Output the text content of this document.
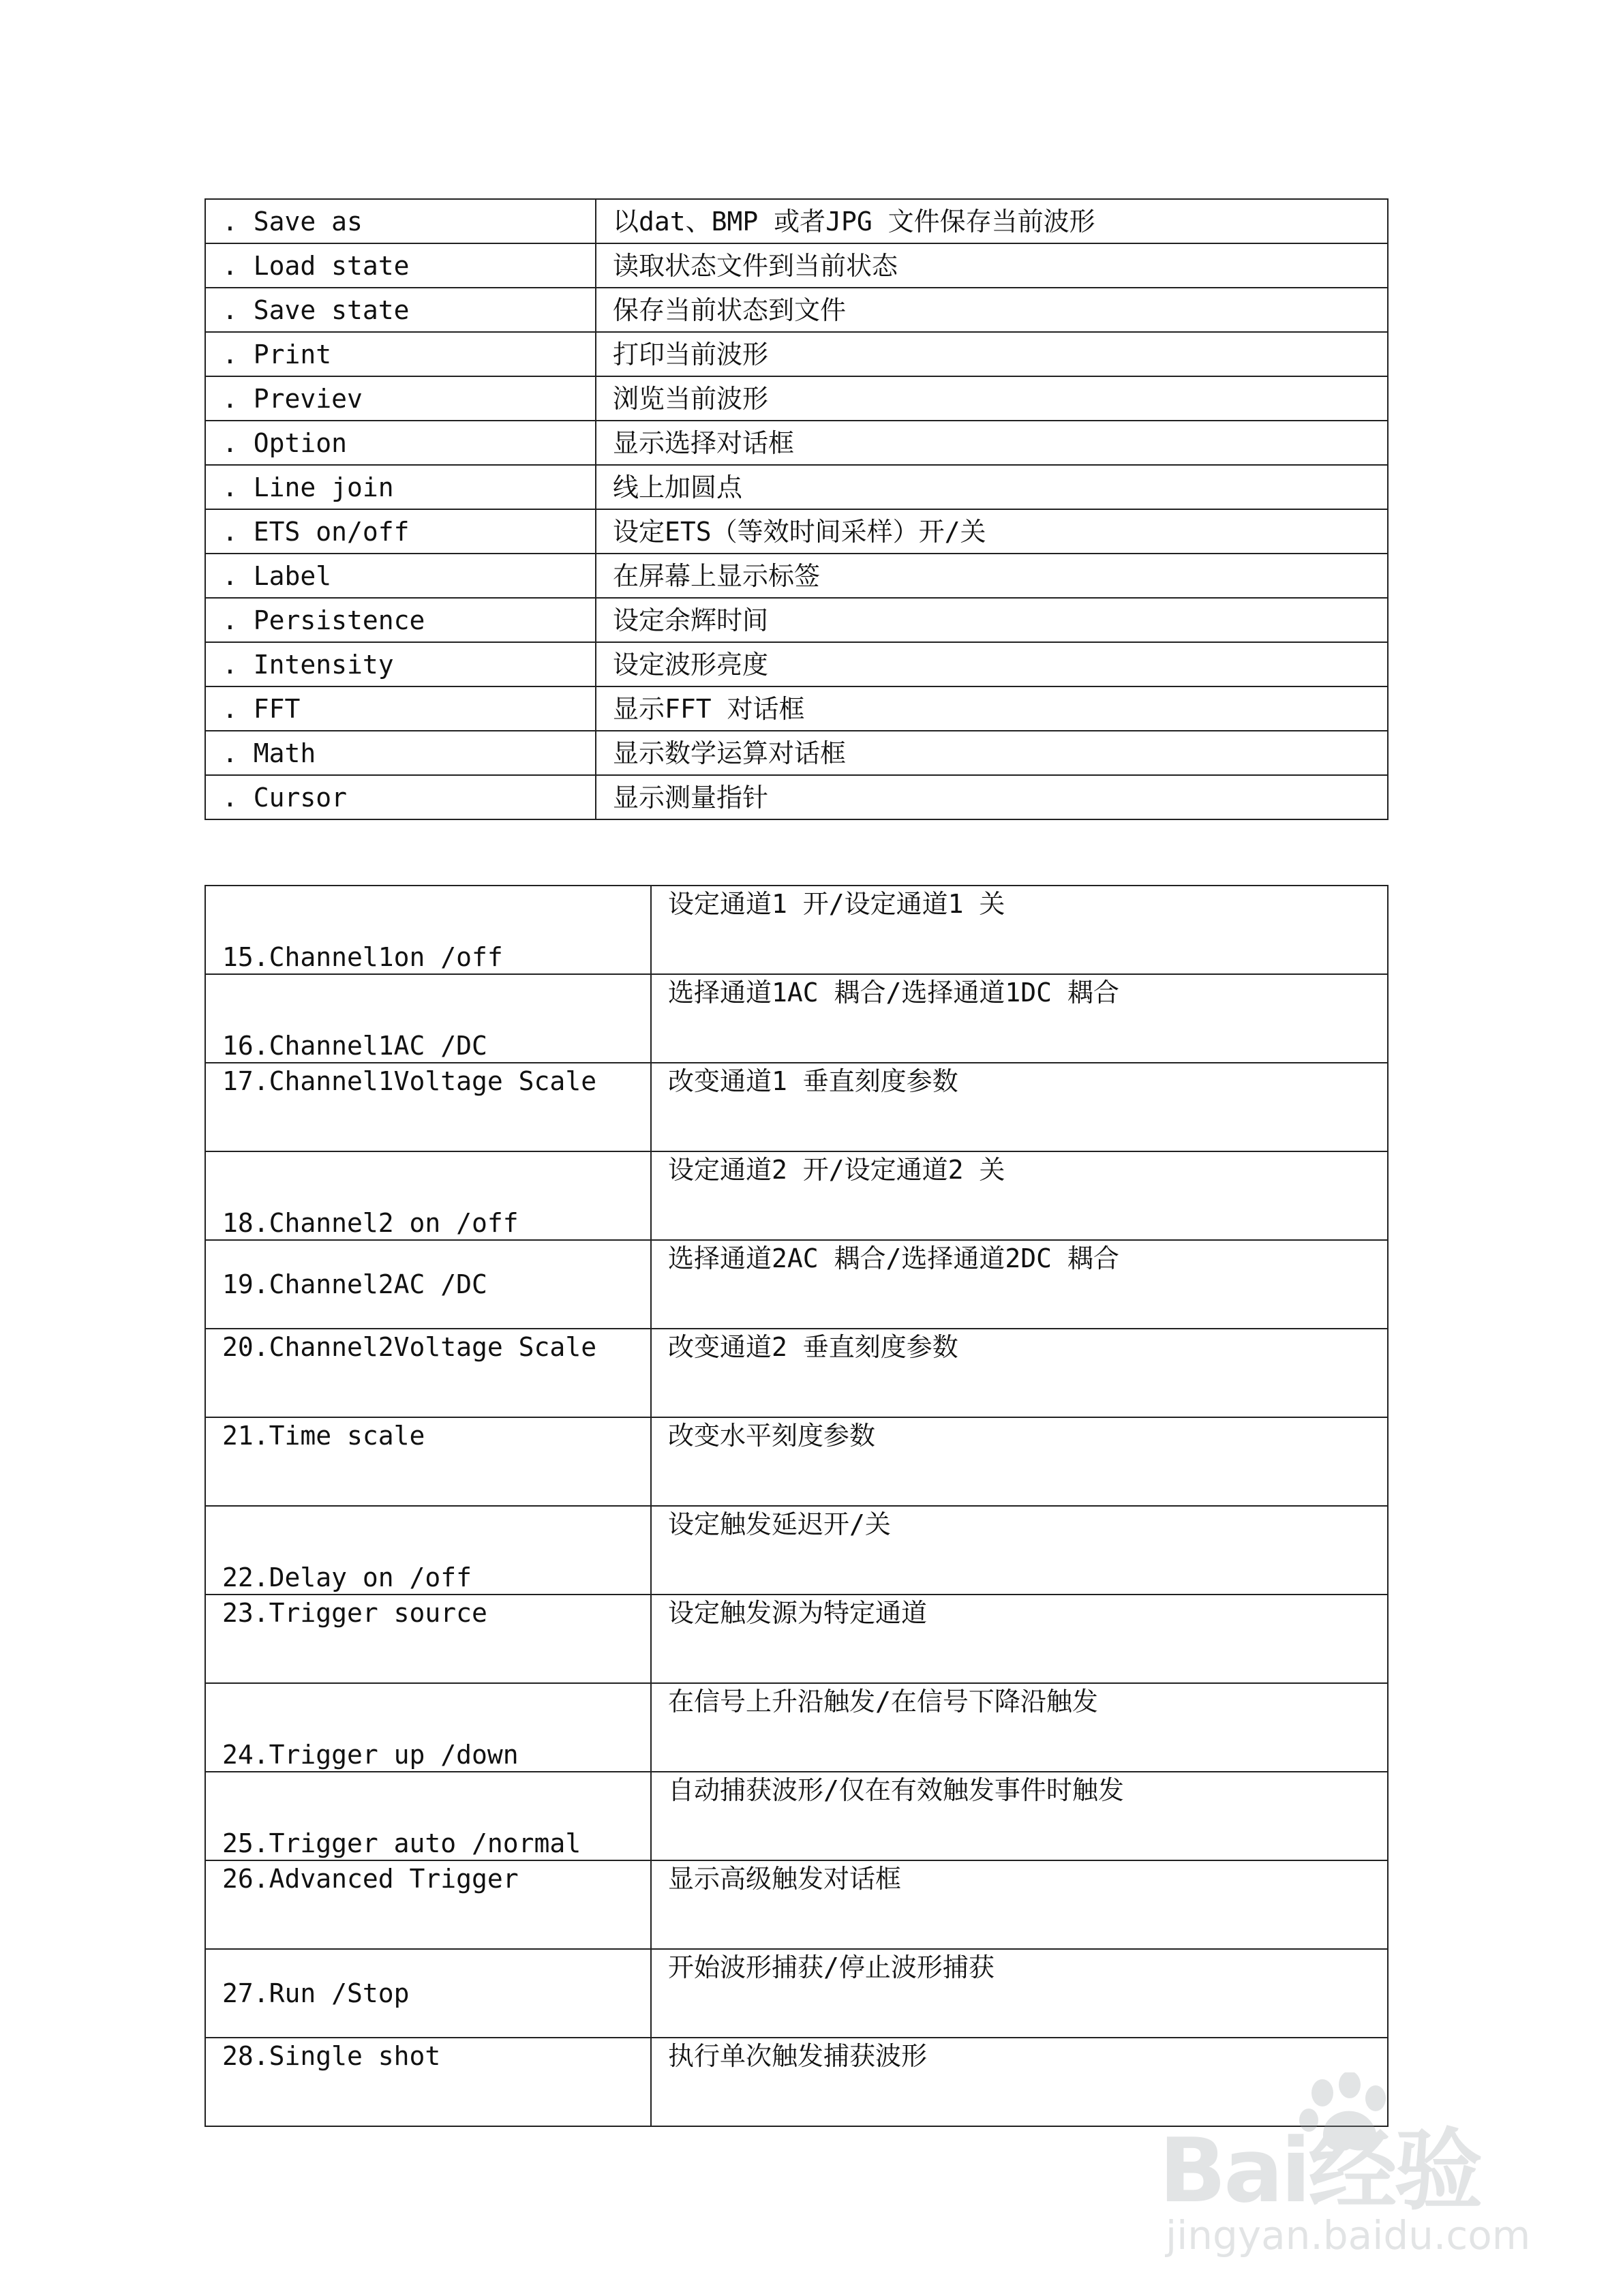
. Save as	以dat、BMP 或者JPG 文件保存当前波形
. Load state	读取状态文件到当前状态
. Save state	保存当前状态到文件
. Print	打印当前波形
. Previev	浏览当前波形
. Option	显示选择对话框
. Line join	线上加圆点
. ETS on/off	设定ETS（等效时间采样）开/关
. Label	在屏幕上显示标签
. Persistence	设定余辉时间
. Intensity	设定波形亮度
. FFT	显示FFT 对话框
. Math	显示数学运算对话框
. Cursor	显示测量指针
15.Channel1on /off	设定通道1 开/设定通道1 关
16.Channel1AC /DC	选择通道1AC 耦合/选择通道1DC 耦合
17.Channel1Voltage Scale	改变通道1 垂直刻度参数
18.Channel2 on /off	设定通道2 开/设定通道2 关
19.Channel2AC /DC	选择通道2AC 耦合/选择通道2DC 耦合
20.Channel2Voltage Scale	改变通道2 垂直刻度参数
21.Time scale	改变水平刻度参数
22.Delay on /off	设定触发延迟开/关
23.Trigger source	设定触发源为特定通道
24.Trigger up /down	在信号上升沿触发/在信号下降沿触发
25.Trigger auto /normal	自动捕获波形/仅在有效触发事件时触发
26.Advanced Trigger	显示高级触发对话框
27.Run /Stop	开始波形捕获/停止波形捕获
28.Single shot	执行单次触发捕获波形
Bai经验
jingyan.baidu.com
